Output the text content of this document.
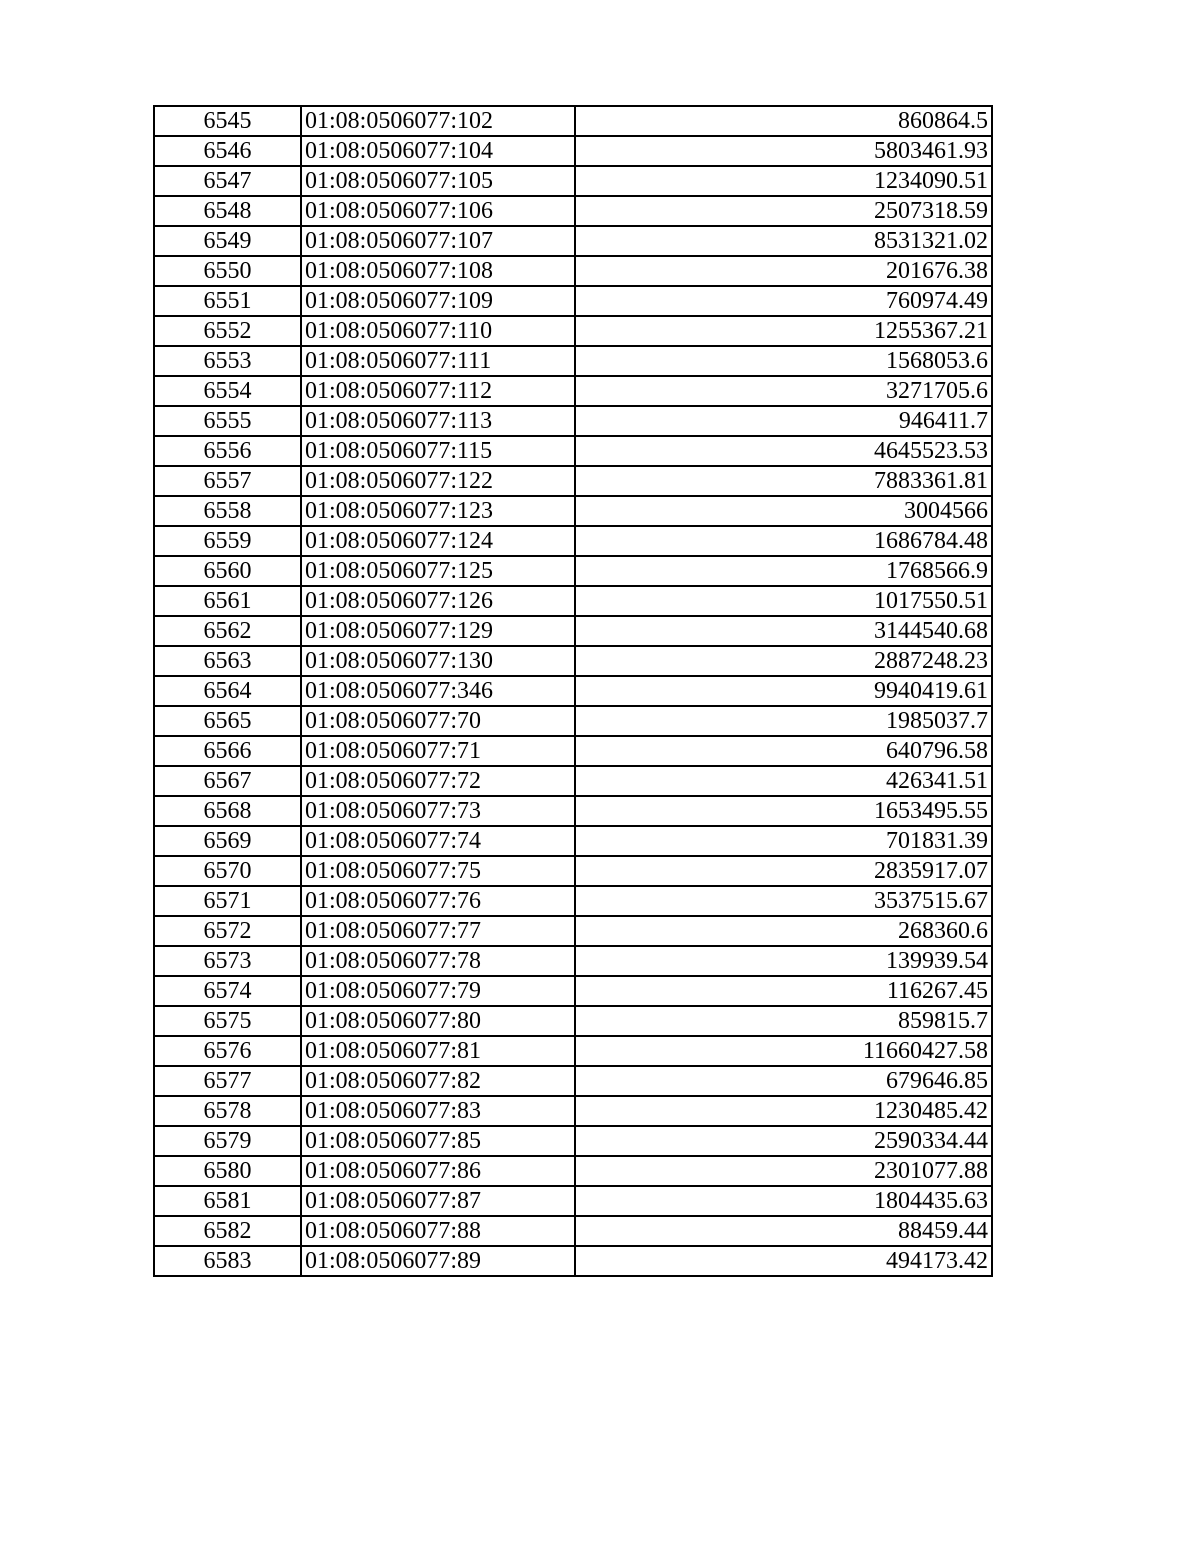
6545	01:08:0506077:102	860864.5
6546	01:08:0506077:104	5803461.93
6547	01:08:0506077:105	1234090.51
6548	01:08:0506077:106	2507318.59
6549	01:08:0506077:107	8531321.02
6550	01:08:0506077:108	201676.38
6551	01:08:0506077:109	760974.49
6552	01:08:0506077:110	1255367.21
6553	01:08:0506077:111	1568053.6
6554	01:08:0506077:112	3271705.6
6555	01:08:0506077:113	946411.7
6556	01:08:0506077:115	4645523.53
6557	01:08:0506077:122	7883361.81
6558	01:08:0506077:123	3004566
6559	01:08:0506077:124	1686784.48
6560	01:08:0506077:125	1768566.9
6561	01:08:0506077:126	1017550.51
6562	01:08:0506077:129	3144540.68
6563	01:08:0506077:130	2887248.23
6564	01:08:0506077:346	9940419.61
6565	01:08:0506077:70	1985037.7
6566	01:08:0506077:71	640796.58
6567	01:08:0506077:72	426341.51
6568	01:08:0506077:73	1653495.55
6569	01:08:0506077:74	701831.39
6570	01:08:0506077:75	2835917.07
6571	01:08:0506077:76	3537515.67
6572	01:08:0506077:77	268360.6
6573	01:08:0506077:78	139939.54
6574	01:08:0506077:79	116267.45
6575	01:08:0506077:80	859815.7
6576	01:08:0506077:81	11660427.58
6577	01:08:0506077:82	679646.85
6578	01:08:0506077:83	1230485.42
6579	01:08:0506077:85	2590334.44
6580	01:08:0506077:86	2301077.88
6581	01:08:0506077:87	1804435.63
6582	01:08:0506077:88	88459.44
6583	01:08:0506077:89	494173.42
